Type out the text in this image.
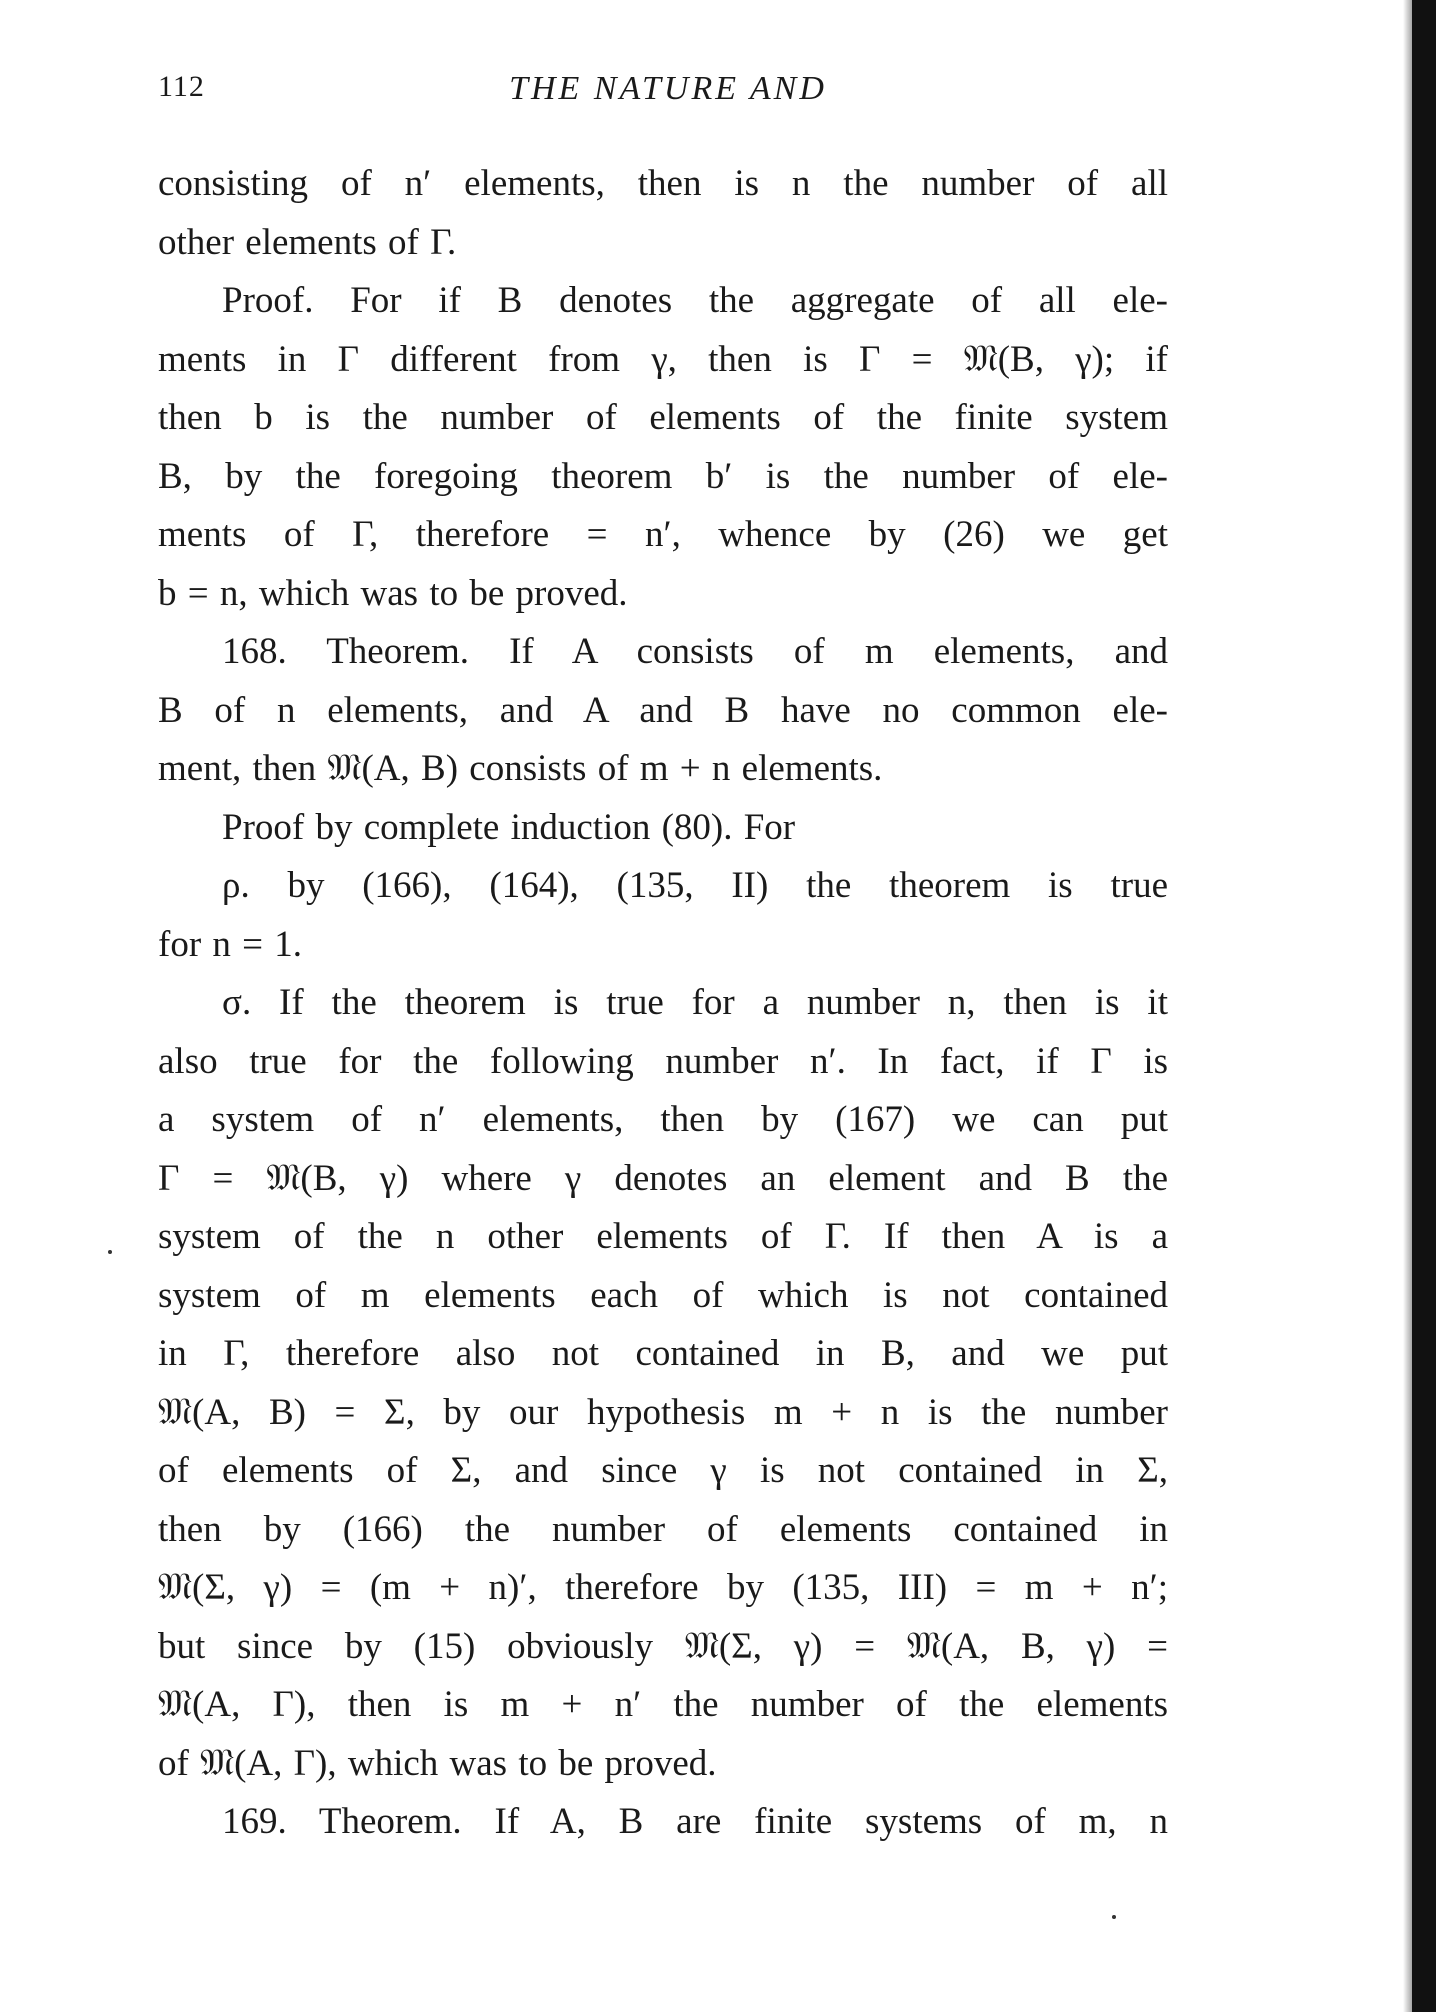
112	THE NATURE AND
consisting of n′ elements, then is n the number of all
other elements of Γ.
Proof. For if B denotes the aggregate of all ele-
ments in Γ different from γ, then is Γ = 𝔐(B, γ); if
then b is the number of elements of the finite system
B, by the foregoing theorem b′ is the number of ele-
ments of Γ, therefore = n′, whence by (26) we get
b = n, which was to be proved.
168. Theorem. If A consists of m elements, and
B of n elements, and A and B have no common ele-
ment, then 𝔐(A, B) consists of m + n elements.
Proof by complete induction (80). For
ρ. by (166), (164), (135, II) the theorem is true
for n = 1.
σ. If the theorem is true for a number n, then is it
also true for the following number n′. In fact, if Γ is
a system of n′ elements, then by (167) we can put
Γ = 𝔐(B, γ) where γ denotes an element and B the
system of the n other elements of Γ. If then A is a
system of m elements each of which is not contained
in Γ, therefore also not contained in B, and we put
𝔐(A, B) = Σ, by our hypothesis m + n is the number
of elements of Σ, and since γ is not contained in Σ,
then by (166) the number of elements contained in
𝔐(Σ, γ) = (m + n)′, therefore by (135, III) = m + n′;
but since by (15) obviously 𝔐(Σ, γ) = 𝔐(A, B, γ) =
𝔐(A, Γ), then is m + n′ the number of the elements
of 𝔐(A, Γ), which was to be proved.
169. Theorem. If A, B are finite systems of m, n
